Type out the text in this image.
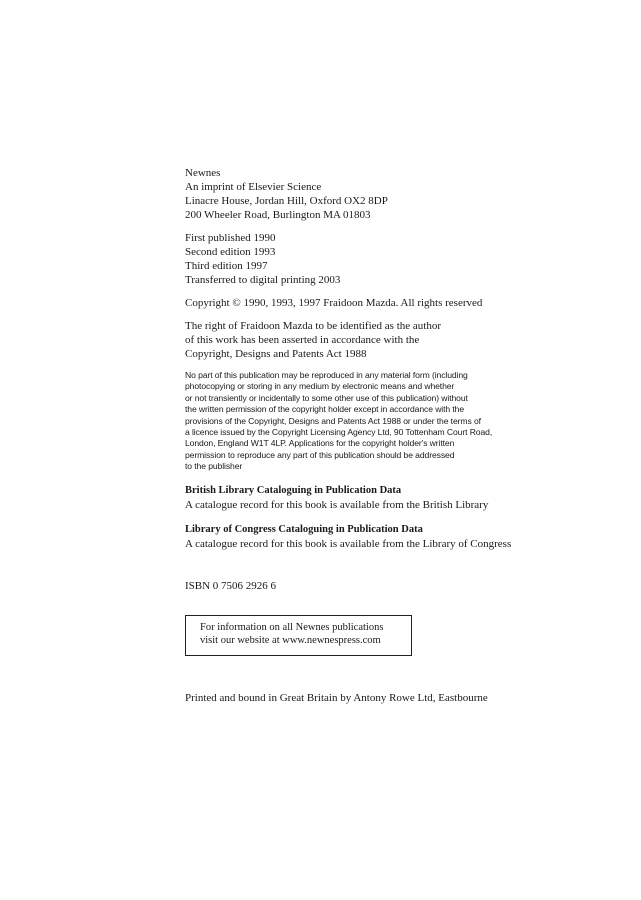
Newnes

An imprint of Elsevier Science

Linacre House, Jordan Hill, Oxford OX2 8DP

200 Wheeler Road, Burlington MA 01803

First published 1990

Second edition 1993

Third edition 1997

Transferred to digital printing 2003

Copyright © 1990, 1993, 1997 Fraidoon Mazda. All rights reserved

The right of Fraidoon Mazda to be identified as the author

of this work has been asserted in accordance with the

Copyright, Designs and Patents Act 1988

No part of this publication may be reproduced in any material form (including

photocopying or storing in any medium by electronic means and whether

or not transiently or incidentally to some other use of this publication) without

the written permission of the copyright holder except in accordance with the

provisions of the Copyright, Designs and Patents Act 1988 or under the terms of

a licence issued by the Copyright Licensing Agency Ltd, 90 Tottenham Court Road,

London, England W1T 4LP. Applications for the copyright holder's written

permission to reproduce any part of this publication should be addressed

to the publisher

British Library Cataloguing in Publication Data

A catalogue record for this book is available from the British Library

Library of Congress Cataloguing in Publication Data

A catalogue record for this book is available from the Library of Congress

ISBN 0 7506 2926 6

For information on all Newnes publications

visit our website at www.newnespress.com

Printed and bound in Great Britain by Antony Rowe Ltd, Eastbourne
